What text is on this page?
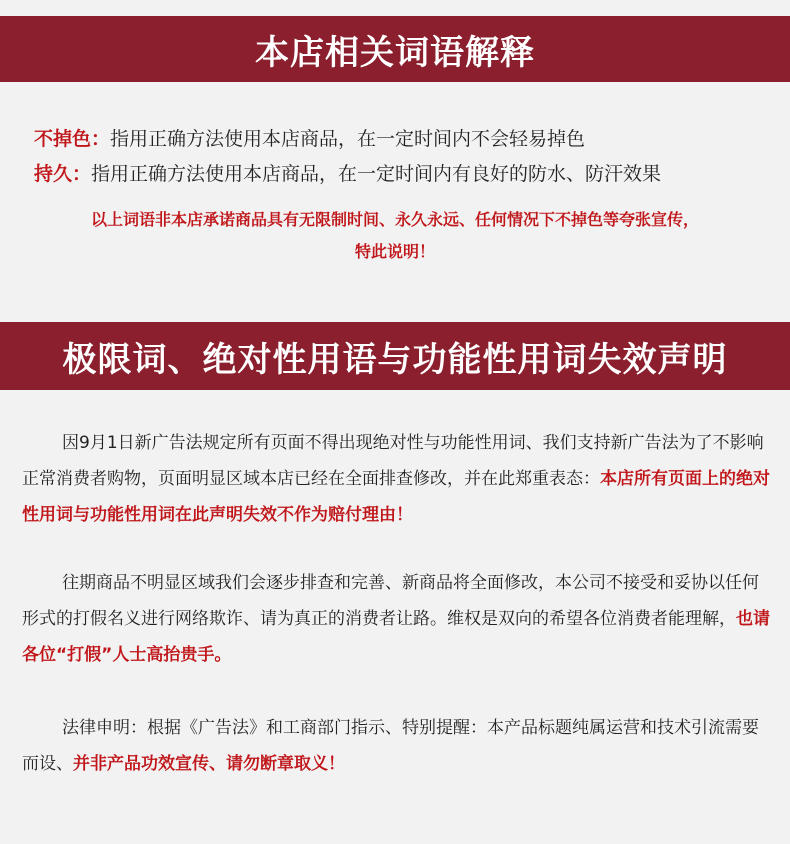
本店相关词语解释
不掉色：指用正确方法使用本店商品，在一定时间内不会轻易掉色
持久：指用正确方法使用本店商品，在一定时间内有良好的防水、防汗效果
以上词语非本店承诺商品具有无限制时间、永久永远、任何情况下不掉色等夸张宣传，
特此说明！
极限词、绝对性用语与功能性用词失效声明
因9月1日新广告法规定所有页面不得出现绝对性与功能性用词、我们支持新广告法为了不影响正常消费者购物，页面明显区域本店已经在全面排查修改，并在此郑重表态：本店所有页面上的绝对性用词与功能性用词在此声明失效不作为赔付理由！
往期商品不明显区域我们会逐步排查和完善、新商品将全面修改，本公司不接受和妥协以任何形式的打假名义进行网络欺诈、请为真正的消费者让路。维权是双向的希望各位消费者能理解，也请各位“打假”人士高抬贵手。
法律申明：根据《广告法》和工商部门指示、特别提醒：本产品标题纯属运营和技术引流需要而设、并非产品功效宣传、请勿断章取义！
